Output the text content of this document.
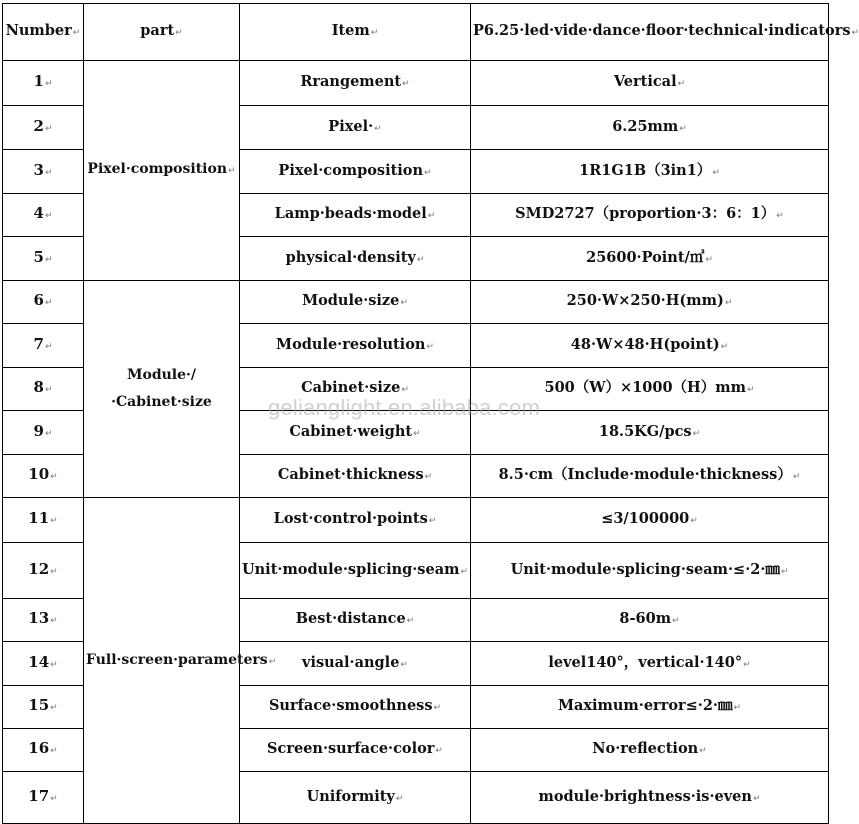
Number↵	part↵	Item↵	P6.25·led·vide·dance·floor·technical·indicators↵
1↵	Pixel·composition↵	Rrangement↵	Vertical↵
2↵		Pixel·↵	6.25mm↵
3↵		Pixel·composition↵	1R1G1B（3in1）↵
4↵		Lamp·beads·model↵	SMD2727（proportion·3：6：1）↵
5↵		physical·density↵	25600·Point/㎡↵
6↵	Module·/·Cabinet·size	Module·size↵	250·W×250·H(mm)↵
7↵		Module·resolution↵	48·W×48·H(point)↵
8↵		Cabinet·size↵	500（W）×1000（H）mm↵
9↵		Cabinet·weight↵	18.5KG/pcs↵
10↵		Cabinet·thickness↵	8.5·cm（Include·module·thickness）↵
11↵	Full·screen·parameters↵	Lost·control·points↵	≤3/100000↵
12↵		Unit·module·splicing·seam↵	Unit·module·splicing·seam·≤·2·㎜↵
13↵		Best·distance↵	8-60m↵
14↵		visual·angle↵	level140°，vertical·140°↵
15↵		Surface·smoothness↵	Maximum·error≤·2·㎜↵
16↵		Screen·surface·color↵	No·reflection↵
17↵		Uniformity↵	module·brightness·is·even↵
gelianglight.en.alibaba.com
